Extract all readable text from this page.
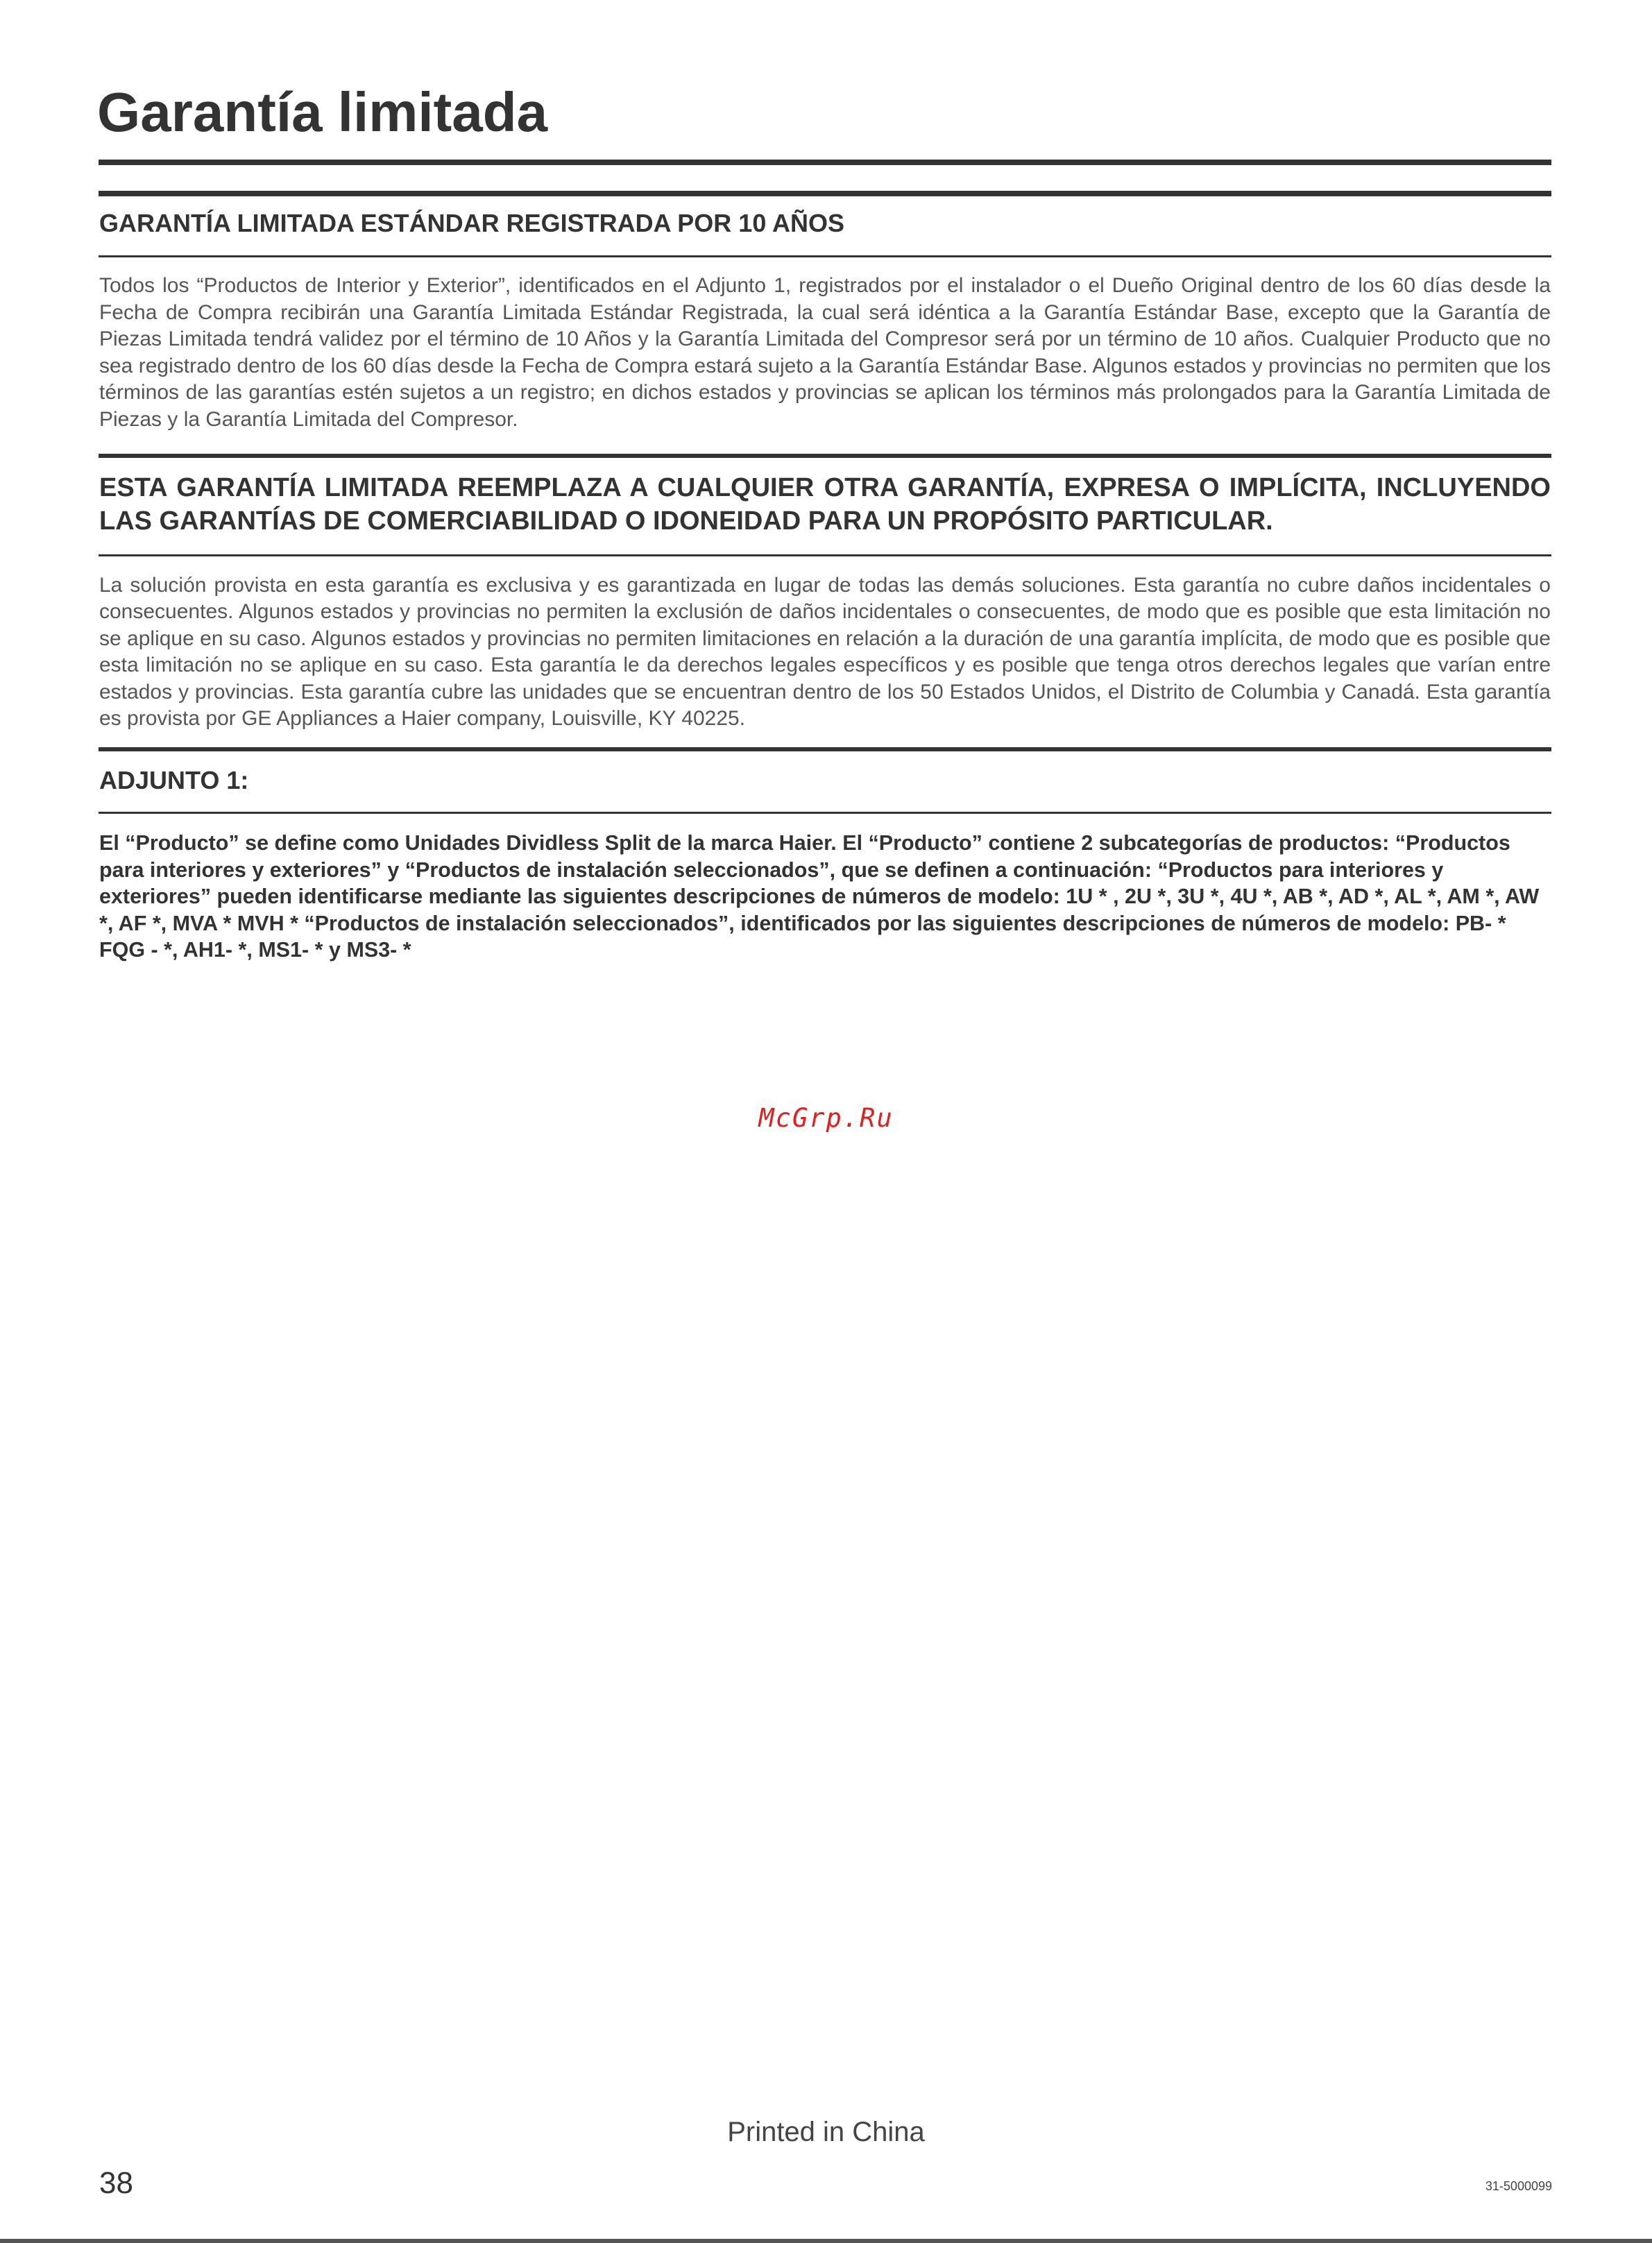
Garantía limitada
GARANTÍA LIMITADA ESTÁNDAR REGISTRADA POR 10 AÑOS

Todos los “Productos de Interior y Exterior”, identificados en el Adjunto 1, registrados por el instalador o el Dueño Original dentro de los 60 días desde la Fecha de Compra recibirán una Garantía Limitada Estándar Registrada, la cual será idéntica a la Garantía Estándar Base, excepto que la Garantía de Piezas Limitada tendrá validez por el término de 10 Años y la Garantía Limitada del Compresor será por un término de 10 años. Cualquier Producto que no sea registrado dentro de los 60 días desde la Fecha de Compra estará sujeto a la Garantía Estándar Base. Algunos estados y provincias no permiten que los términos de las garantías estén sujetos a un registro; en dichos estados y provincias se aplican los términos más prolongados para la Garantía Limitada de Piezas y la Garantía Limitada del Compresor.

ESTA GARANTÍA LIMITADA REEMPLAZA A CUALQUIER OTRA GARANTÍA, EXPRESA O IMPLÍCITA, INCLUYENDO LAS GARANTÍAS DE COMERCIABILIDAD O IDONEIDAD PARA UN PROPÓSITO PARTICULAR.

La solución provista en esta garantía es exclusiva y es garantizada en lugar de todas las demás soluciones. Esta garantía no cubre daños incidentales o consecuentes. Algunos estados y provincias no permiten la exclusión de daños incidentales o consecuentes, de modo que es posible que esta limitación no se aplique en su caso. Algunos estados y provincias no permiten limitaciones en relación a la duración de una garantía implícita, de modo que es posible que esta limitación no se aplique en su caso. Esta garantía le da derechos legales específicos y es posible que tenga otros derechos legales que varían entre estados y provincias. Esta garantía cubre las unidades que se encuentran dentro de los 50 Estados Unidos, el Distrito de Columbia y Canadá. Esta garantía es provista por GE Appliances a Haier company, Louisville, KY 40225.

ADJUNTO 1:

El “Producto” se define como Unidades Dividless Split de la marca Haier. El “Producto” contiene 2 subcategorías de productos: “Productos para interiores y exteriores” y “Productos de instalación seleccionados”, que se definen a continuación: “Productos para interiores y exteriores” pueden identificarse mediante las siguientes descripciones de números de modelo: 1U * , 2U *, 3U *, 4U *, AB *, AD *, AL *, AM *, AW *, AF *, MVA * MVH * “Productos de instalación seleccionados”, identificados por las siguientes descripciones de números de modelo: PB- * FQG - *, AH1- *, MS1- * y MS3- *

McGrp.Ru
Printed in China
38	31-5000099
